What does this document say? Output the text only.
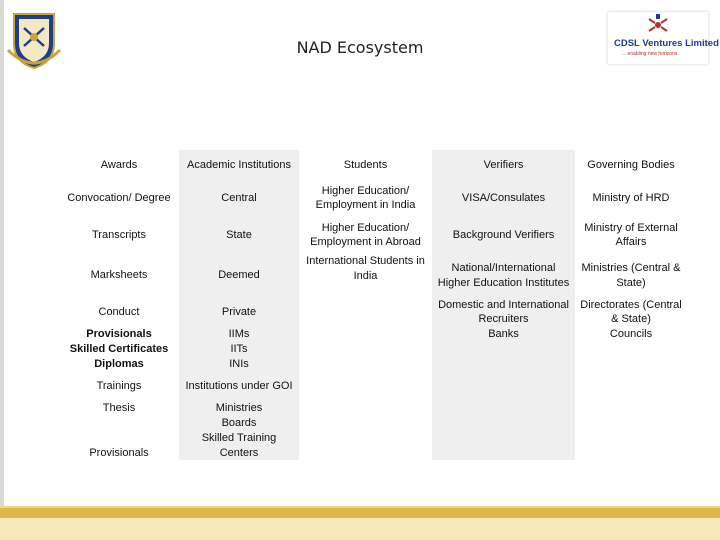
CDSL Ventures Limited
... enabling new horizons
NAD Ecosystem
Awards	Academic Institutions	Students	Verifiers	Governing Bodies
Convocation/ Degree	Central	Higher Education/ Employment in India	VISA/Consulates	Ministry of HRD
Transcripts	State	Higher Education/ Employment in Abroad	Background Verifiers	Ministry of External Affairs
Marksheets	Deemed	International Students in India	National/International Higher Education Institutes	Ministries (Central & State)
Conduct	Private		Domestic and International Recruiters	Directorates (Central & State)
Provisionals	IIMs		Banks	Councils
Skilled Certificates	IITs			
Diplomas	INIs			
Trainings	Institutions under GOI			
Thesis	Ministries			
Provisionals	Boards			
	Skilled Training Centers			
